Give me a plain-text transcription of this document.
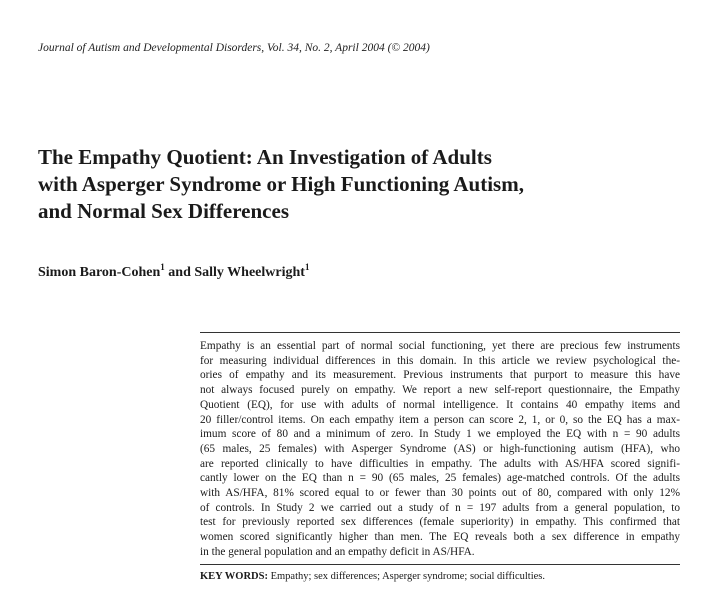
Journal of Autism and Developmental Disorders, Vol. 34, No. 2, April 2004 (© 2004)
The Empathy Quotient: An Investigation of Adults
with Asperger Syndrome or High Functioning Autism,
and Normal Sex Differences
Simon Baron-Cohen$^1$ and Sally Wheelwright$^1$
Empathy is an essential part of normal social functioning, yet there are precious few instruments
for measuring individual differences in this domain. In this article we review psychological the-
ories of empathy and its measurement. Previous instruments that purport to measure this have
not always focused purely on empathy. We report a new self-report questionnaire, the Empathy
Quotient (EQ), for use with adults of normal intelligence. It contains 40 empathy items and
20 filler/control items. On each empathy item a person can score 2, 1, or 0, so the EQ has a max-
imum score of 80 and a minimum of zero. In Study 1 we employed the EQ with n = 90 adults
(65 males, 25 females) with Asperger Syndrome (AS) or high-functioning autism (HFA), who
are reported clinically to have difficulties in empathy. The adults with AS/HFA scored signifi-
cantly lower on the EQ than n = 90 (65 males, 25 females) age-matched controls. Of the adults
with AS/HFA, 81% scored equal to or fewer than 30 points out of 80, compared with only 12%
of controls. In Study 2 we carried out a study of n = 197 adults from a general population, to
test for previously reported sex differences (female superiority) in empathy. This confirmed that
women scored significantly higher than men. The EQ reveals both a sex difference in empathy
in the general population and an empathy deficit in AS/HFA.
KEY WORDS: Empathy; sex differences; Asperger syndrome; social difficulties.
